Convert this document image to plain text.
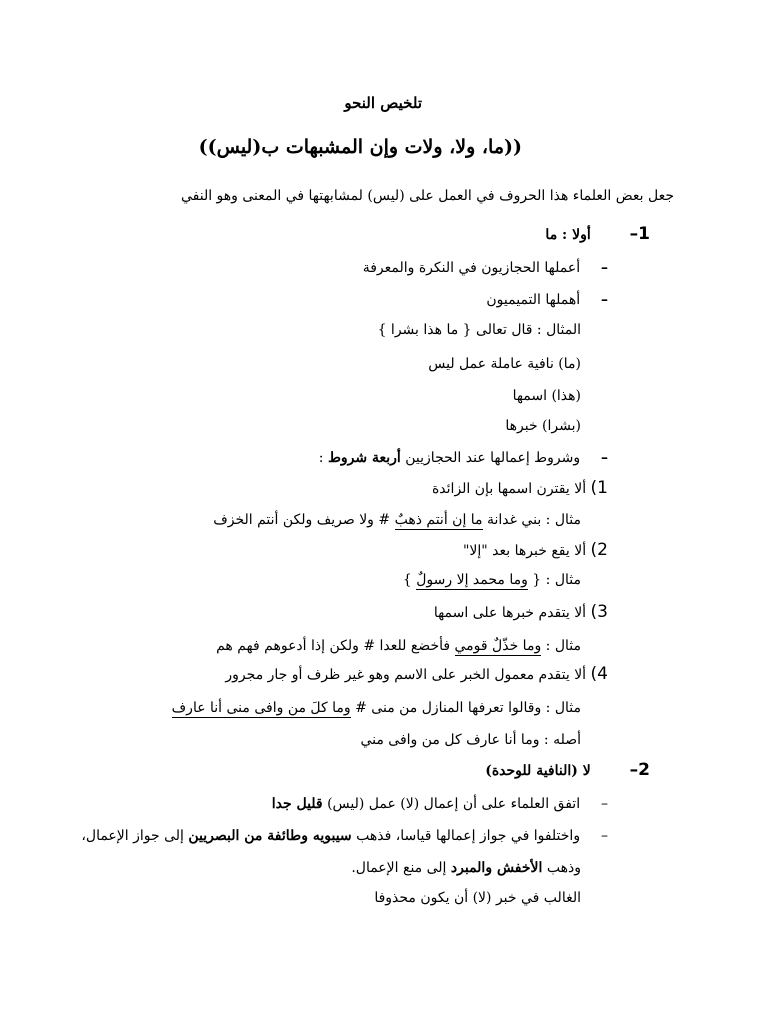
تلخيص النحو
((ما، ولا، ولات وإن المشبهات ب(ليس))
جعل بعض العلماء هذا الحروف في العمل على (ليس) لمشابهتها في المعنى وهو النفي
1–  أولا : ما
–  أعملها الحجازيون في النكرة والمعرفة
–  أهملها التميميون
المثال : قال تعالى { ما هذا بشرا }
(ما) نافية عاملة عمل ليس
(هذا) اسمها
(بشرا) خبرها
–  وشروط إعمالها عند الحجازيين أربعة شروط :
1) ألا يقترن اسمها بإن الزائدة
مثال : بني غدانة ما إن أنتم ذهبٌ # ولا صريف ولكن أنتم الخزف
2) ألا يقع خبرها بعد "إلا"
مثال : { وما محمد إلا رسولٌ }
3) ألا يتقدم خبرها على اسمها
مثال : وما خذّلٌ قومي فأخضع للعدا # ولكن إذا أدعوهم فهم هم
4) ألا يتقدم معمول الخبر على الاسم وهو غير ظرف أو جار مجرور
مثال : وقالوا تعرفها المنازل من منى # وما كلَ من وافى منى أنا عارف
أصله : وما أنا عارف كل من وافى مني
2–  لا (النافية للوحدة)
–  اتفق العلماء على أن إعمال (لا) عمل (ليس) قليل جدا
–  واختلفوا في جواز إعمالها قياسا، فذهب سيبويه وطائفة من البصريين إلى جواز الإعمال،
وذهب الأخفش والمبرد إلى منع الإعمال.
الغالب في خبر (لا) أن يكون محذوفا
